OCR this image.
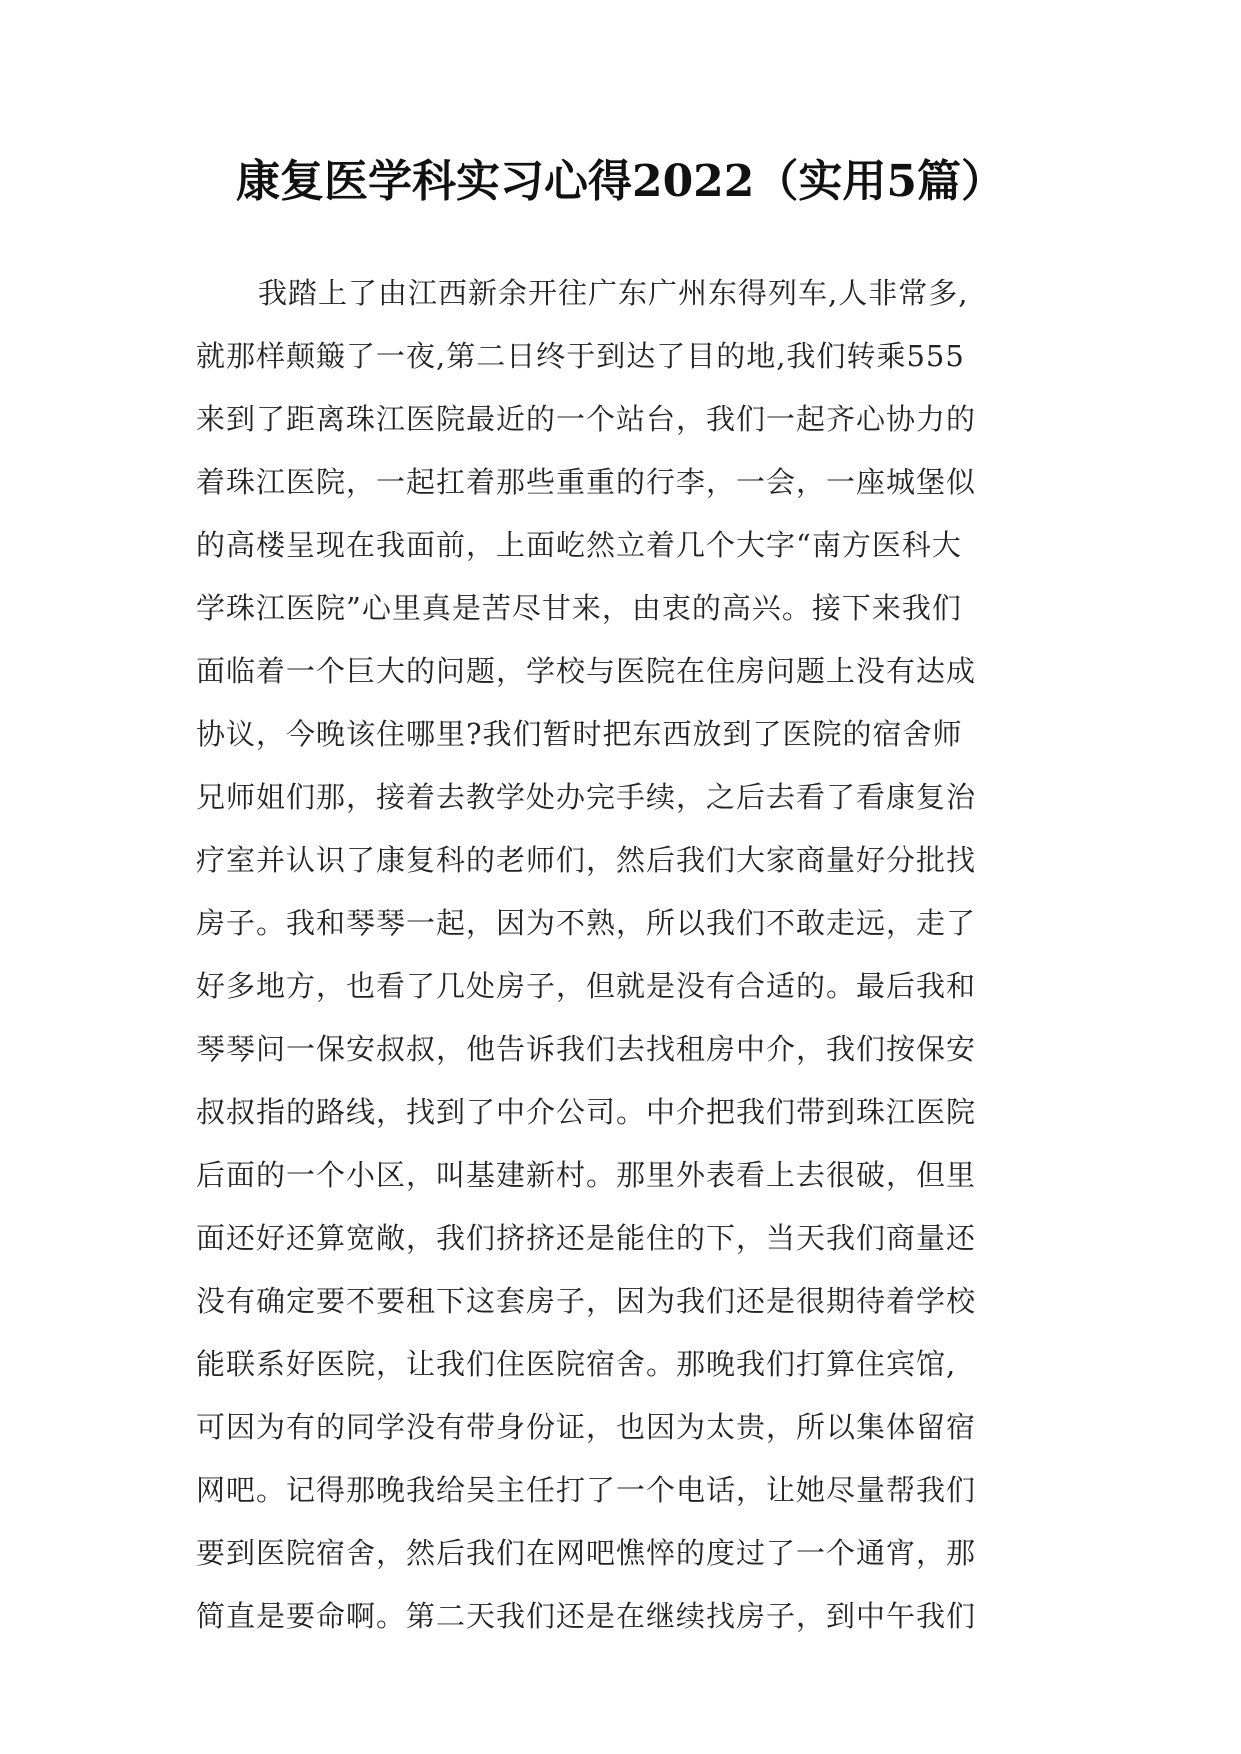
康复医学科实习心得2022（实用5篇）
我踏上了由江西新余开往广东广州东得列车,人非常多,
就那样颠簸了一夜,第二日终于到达了目的地,我们转乘555
来到了距离珠江医院最近的一个站台，我们一起齐心协力的
着珠江医院，一起扛着那些重重的行李，一会，一座城堡似
的高楼呈现在我面前，上面屹然立着几个大字“南方医科大
学珠江医院”心里真是苦尽甘来，由衷的高兴。接下来我们
面临着一个巨大的问题，学校与医院在住房问题上没有达成
协议，今晚该住哪里?我们暂时把东西放到了医院的宿舍师
兄师姐们那，接着去教学处办完手续，之后去看了看康复治
疗室并认识了康复科的老师们，然后我们大家商量好分批找
房子。我和琴琴一起，因为不熟，所以我们不敢走远，走了
好多地方，也看了几处房子，但就是没有合适的。最后我和
琴琴问一保安叔叔，他告诉我们去找租房中介，我们按保安
叔叔指的路线，找到了中介公司。中介把我们带到珠江医院
后面的一个小区，叫基建新村。那里外表看上去很破，但里
面还好还算宽敞，我们挤挤还是能住的下，当天我们商量还
没有确定要不要租下这套房子，因为我们还是很期待着学校
能联系好医院，让我们住医院宿舍。那晚我们打算住宾馆,
可因为有的同学没有带身份证，也因为太贵，所以集体留宿
网吧。记得那晚我给吴主任打了一个电话，让她尽量帮我们
要到医院宿舍，然后我们在网吧憔悴的度过了一个通宵，那
简直是要命啊。第二天我们还是在继续找房子，到中午我们
